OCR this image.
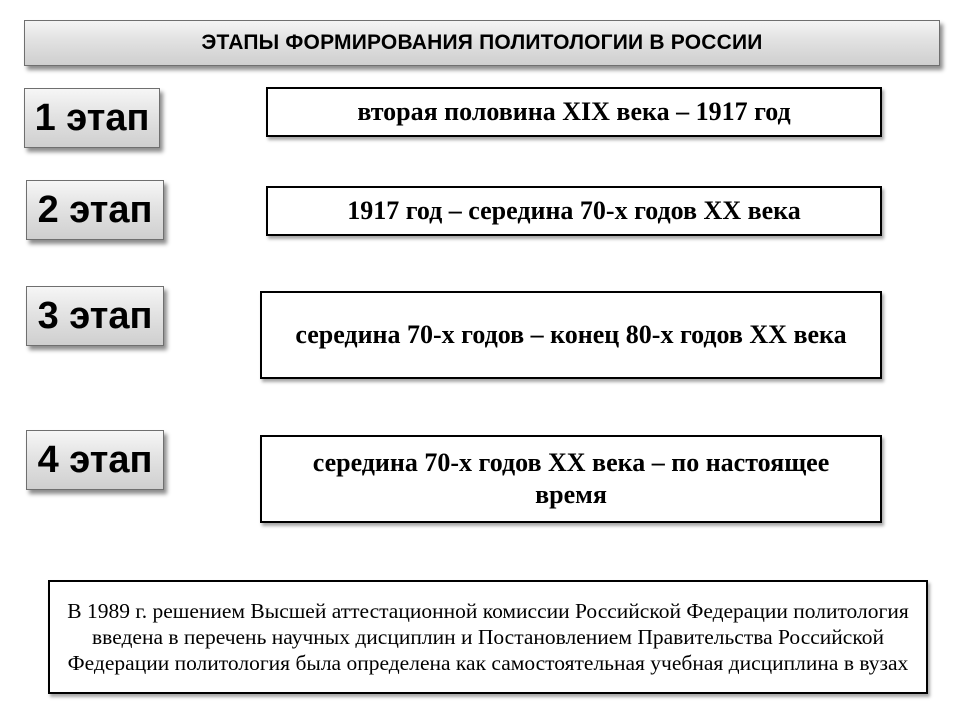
ЭТАПЫ ФОРМИРОВАНИЯ ПОЛИТОЛОГИИ В РОССИИ
1 этап	вторая половина XIX века – 1917 год
2 этап	1917 год – середина 70-х годов XX века
3 этап	середина 70-х годов – конец 80-х годов XX века
4 этап	середина 70-х годов XX века – по настоящее время
В 1989 г. решением Высшей аттестационной комиссии Российской Федерации политология введена в перечень научных дисциплин и Постановлением Правительства Российской Федерации политология была определена как самостоятельная учебная дисциплина в вузах
